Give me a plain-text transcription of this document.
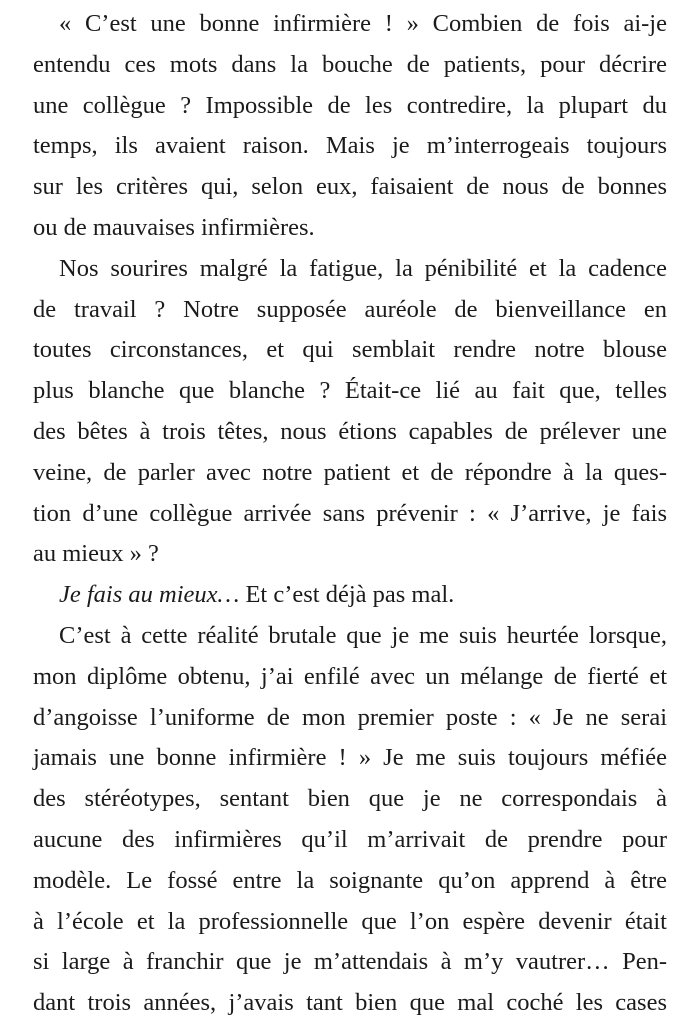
« C’est une bonne infirmière ! » Combien de fois ai-je
entendu ces mots dans la bouche de patients, pour décrire
une collègue ? Impossible de les contredire, la plupart du
temps, ils avaient raison. Mais je m’interrogeais toujours
sur les critères qui, selon eux, faisaient de nous de bonnes
ou de mauvaises infirmières.
Nos sourires malgré la fatigue, la pénibilité et la cadence
de travail ? Notre supposée auréole de bienveillance en
toutes circonstances, et qui semblait rendre notre blouse
plus blanche que blanche ? Était-ce lié au fait que, telles
des bêtes à trois têtes, nous étions capables de prélever une
veine, de parler avec notre patient et de répondre à la ques-
tion d’une collègue arrivée sans prévenir : « J’arrive, je fais
au mieux » ?
Je fais au mieux… Et c’est déjà pas mal.
C’est à cette réalité brutale que je me suis heurtée lorsque,
mon diplôme obtenu, j’ai enfilé avec un mélange de fierté et
d’angoisse l’uniforme de mon premier poste : « Je ne serai
jamais une bonne infirmière ! » Je me suis toujours méfiée
des stéréotypes, sentant bien que je ne correspondais à
aucune des infirmières qu’il m’arrivait de prendre pour
modèle. Le fossé entre la soignante qu’on apprend à être
à l’école et la professionnelle que l’on espère devenir était
si large à franchir que je m’attendais à m’y vautrer… Pen-
dant trois années, j’avais tant bien que mal coché les cases
